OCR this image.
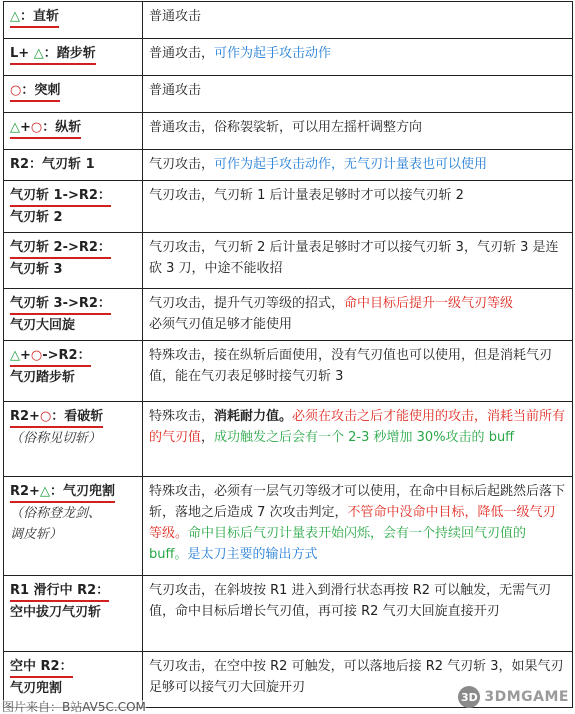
△：直斩	普通攻击
L+ △：踏步斩	普通攻击，可作为起手攻击动作
○：突刺	普通攻击
△+○：纵斩	普通攻击，俗称袈裟斩，可以用左摇杆调整方向
R2：气刃斩 1	气刃攻击，可作为起手攻击动作，无气刃计量表也可以使用
气刃斩 1->R2：
气刃斩 2	气刃攻击，气刃斩 1 后计量表足够时才可以接气刃斩 2
气刃斩 2->R2：
气刃斩 3	气刃攻击，气刃斩 2 后计量表足够时才可以接气刃斩 3，气刃斩 3 是连砍 3 刀，中途不能收招
气刃斩 3->R2：
气刃大回旋	气刃攻击，提升气刃等级的招式，命中目标后提升一级气刃等级
必须气刃值足够才能使用
△+○->R2：
气刃踏步斩	特殊攻击，接在纵斩后面使用，没有气刃值也可以使用，但是消耗气刃值，能在气刃表足够时接气刃斩 3
R2+○：看破斩
（俗称见切斩）	特殊攻击，消耗耐力值。必须在攻击之后才能使用的攻击，消耗当前所有的气刃值，成功触发之后会有一个 2-3 秒增加 30%攻击的 buff
R2+△：气刃兜割
（俗称登龙剑、
调皮斩）	特殊攻击，必须有一层气刃等级才可以使用，在命中目标后起跳然后落下斩，落地之后造成 7 次攻击判定，不管命中没命中目标，降低一级气刃等级。命中目标后气刃计量表开始闪烁，会有一个持续回气刃值的 buff。是太刀主要的输出方式
R1 滑行中 R2：
空中拔刀气刃斩	气刃攻击，在斜坡按 R1 进入到滑行状态再按 R2 可以触发，无需气刃值，命中目标后增长气刃值，再可接 R2 气刃大回旋直接开刃
空中 R2：
气刃兜割	气刃攻击，在空中按 R2 可触发，可以落地后接 R2 气刃斩 3，如果气刃足够可以接气刃大回旋开刃
图片来自：B站AV5C.COM
3D 3DMGAME
